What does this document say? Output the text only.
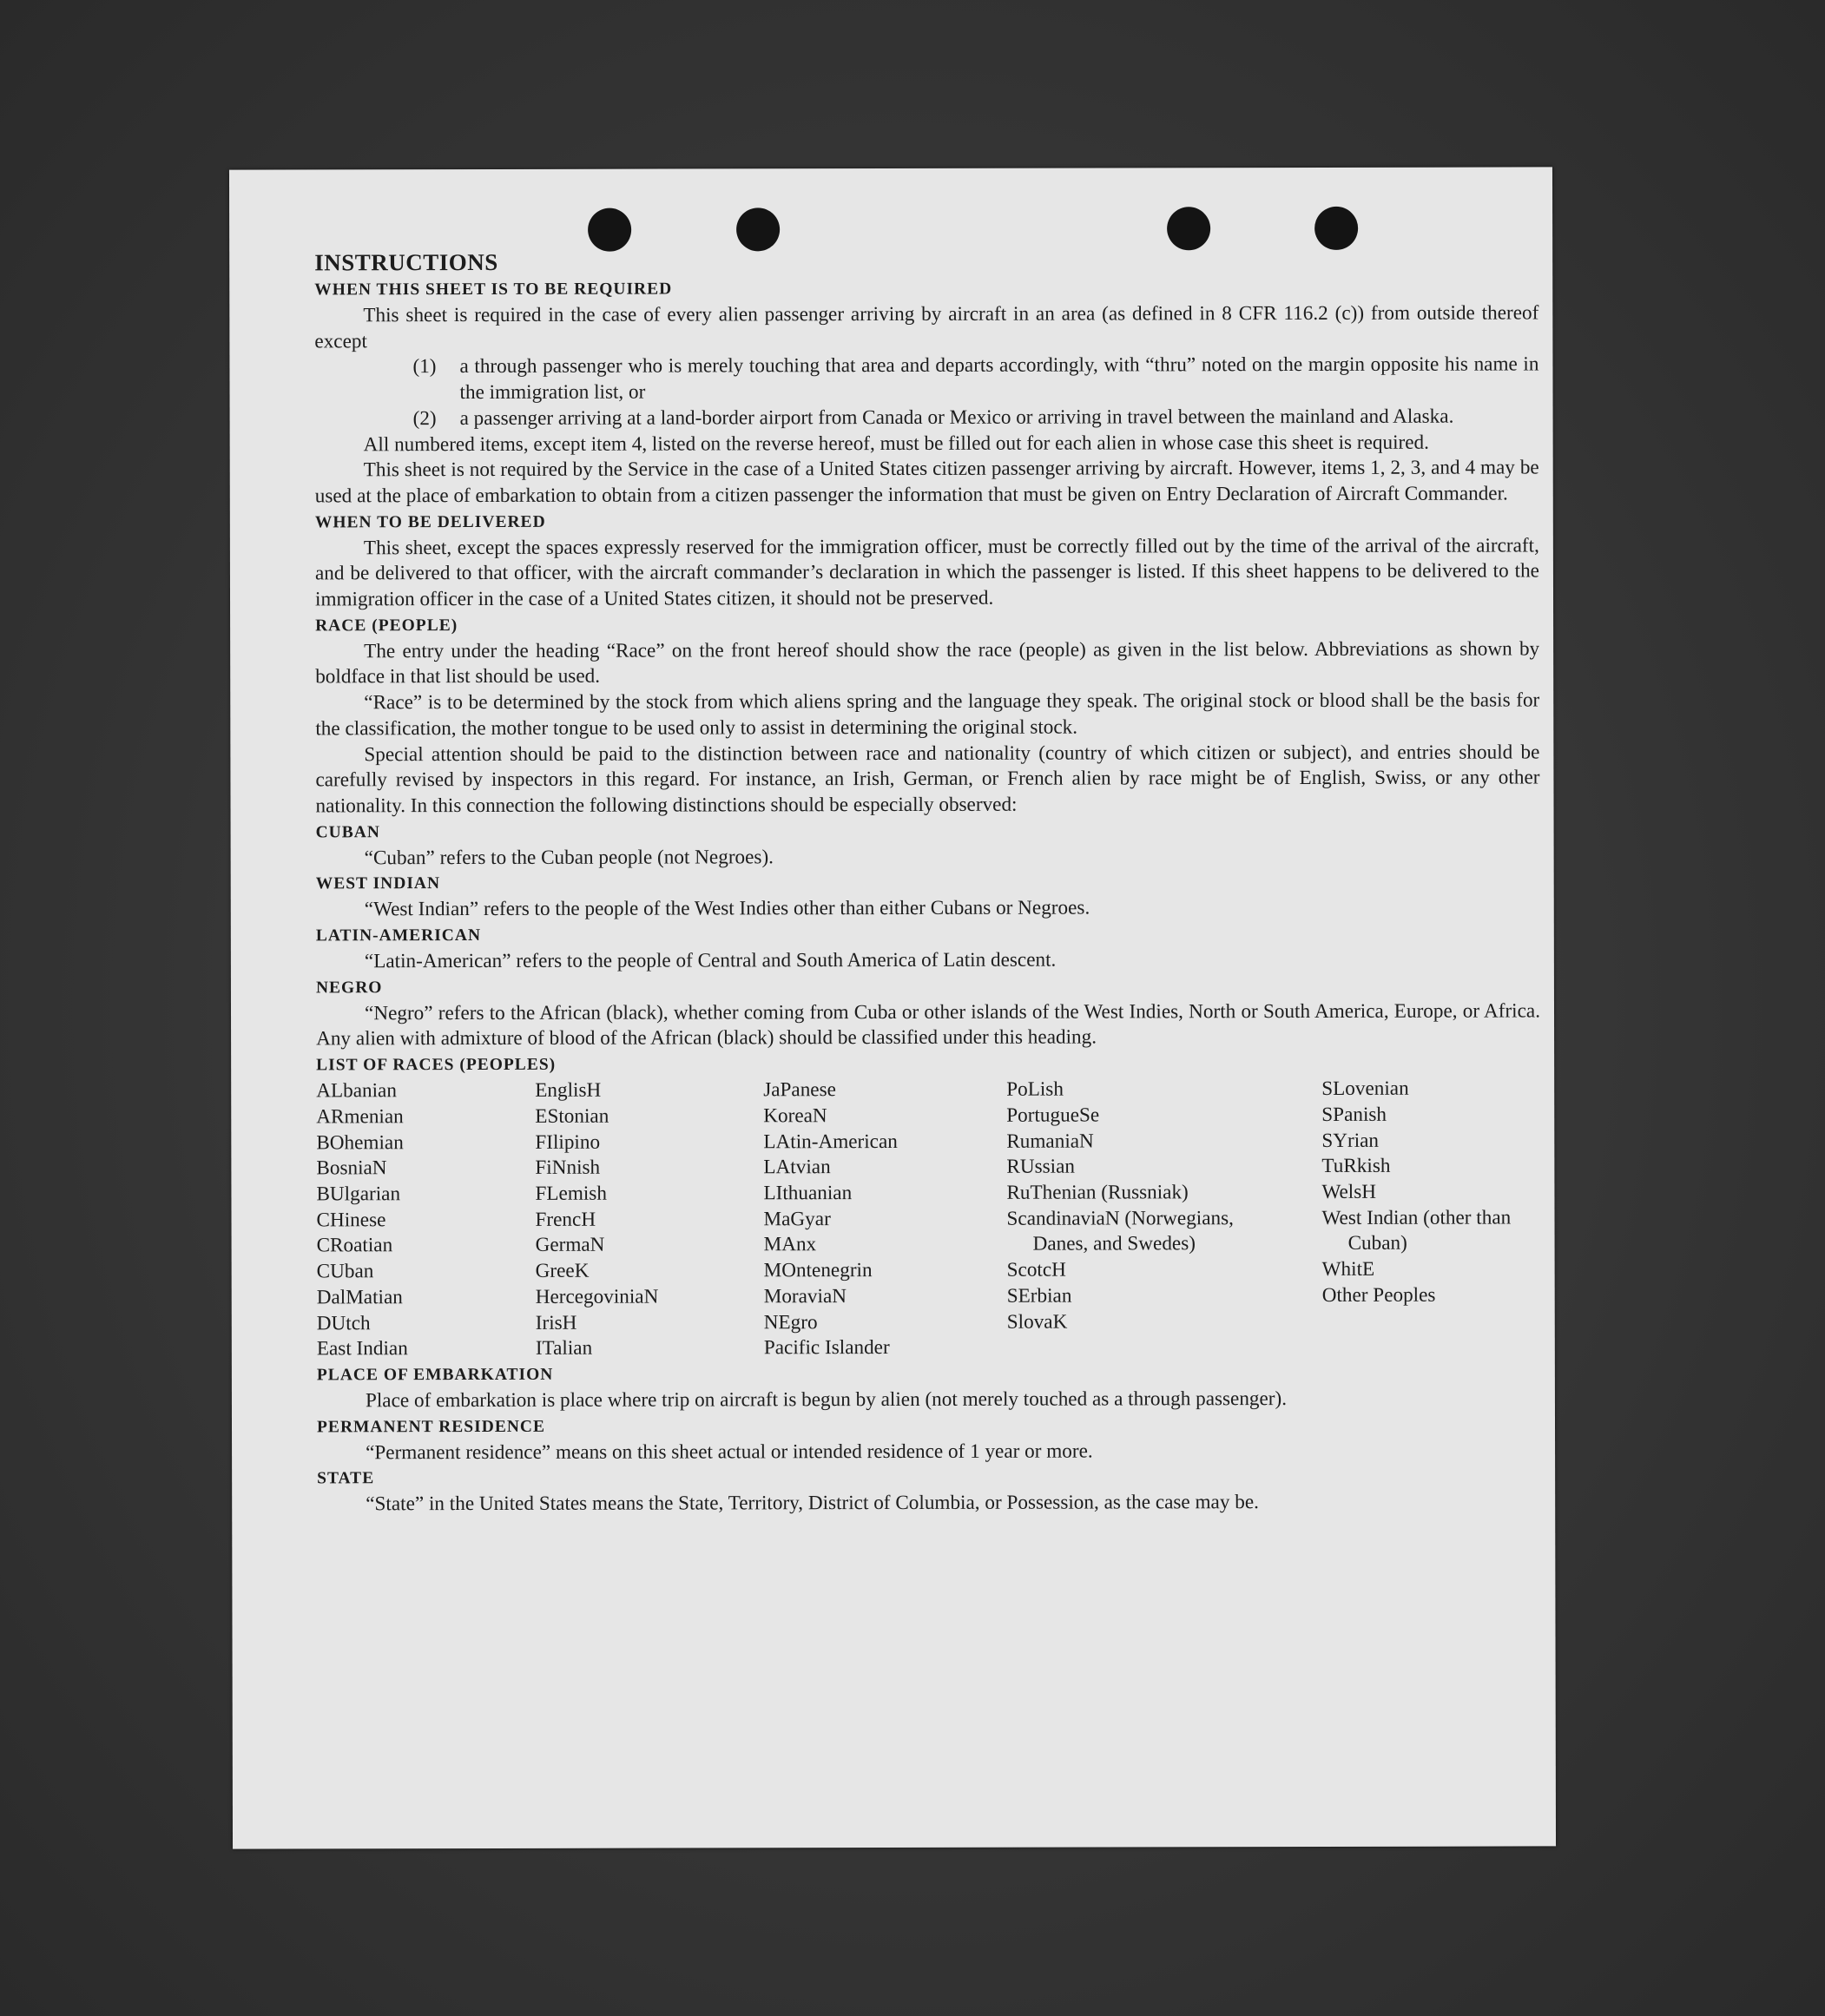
INSTRUCTIONS

WHEN THIS SHEET IS TO BE REQUIRED

This sheet is required in the case of every alien passenger arriving by aircraft in an area (as defined in 8 CFR 116.2 (c)) from outside thereof except

(1)	a through passenger who is merely touching that area and departs accordingly, with “thru” noted on the margin opposite his name in the immigration list, or
(2)	a passenger arriving at a land-border airport from Canada or Mexico or arriving in travel between the mainland and Alaska.

All numbered items, except item 4, listed on the reverse hereof, must be filled out for each alien in whose case this sheet is required.

This sheet is not required by the Service in the case of a United States citizen passenger arriving by aircraft. However, items 1, 2, 3, and 4 may be used at the place of embarkation to obtain from a citizen passenger the information that must be given on Entry Declaration of Aircraft Commander.

WHEN TO BE DELIVERED

This sheet, except the spaces expressly reserved for the immigration officer, must be correctly filled out by the time of the arrival of the aircraft, and be delivered to that officer, with the aircraft commander’s declaration in which the passenger is listed. If this sheet happens to be delivered to the immigration officer in the case of a United States citizen, it should not be preserved.

RACE (PEOPLE)

The entry under the heading “Race” on the front hereof should show the race (people) as given in the list below. Abbreviations as shown by boldface in that list should be used.

“Race” is to be determined by the stock from which aliens spring and the language they speak. The original stock or blood shall be the basis for the classification, the mother tongue to be used only to assist in determining the original stock.

Special attention should be paid to the distinction between race and nationality (country of which citizen or subject), and entries should be carefully revised by inspectors in this regard. For instance, an Irish, German, or French alien by race might be of English, Swiss, or any other nationality. In this connection the following distinctions should be especially observed:

CUBAN

“Cuban” refers to the Cuban people (not Negroes).

WEST INDIAN

“West Indian” refers to the people of the West Indies other than either Cubans or Negroes.

LATIN-AMERICAN

“Latin-American” refers to the people of Central and South America of Latin descent.

NEGRO

“Negro” refers to the African (black), whether coming from Cuba or other islands of the West Indies, North or South America, Europe, or Africa. Any alien with admixture of blood of the African (black) should be classified under this heading.

LIST OF RACES (PEOPLES)

ALbanian
ARmenian
BOhemian
BosniaN
BUlgarian
CHinese
CRoatian
CUban
DalMatian
DUtch
East Indian
EnglisH
EStonian
FIlipino
FiNnish
FLemish
FrencH
GermaN
GreeK
HercegoviniaN
IrisH
ITalian
JaPanese
KoreaN
LAtin-American
LAtvian
LIthuanian
MaGyar
MAnx
MOntenegrin
MoraviaN
NEgro
Pacific Islander
PoLish
PortugueSe
RumaniaN
RUssian
RuThenian (Russniak)
ScandinaviaN (Norwegians, Danes, and Swedes)
ScotcH
SErbian
SlovaK
SLovenian
SPanish
SYrian
TuRkish
WelsH
West Indian (other than Cuban)
WhitE
Other Peoples

PLACE OF EMBARKATION

Place of embarkation is place where trip on aircraft is begun by alien (not merely touched as a through passenger).

PERMANENT RESIDENCE

“Permanent residence” means on this sheet actual or intended residence of 1 year or more.

STATE

“State” in the United States means the State, Territory, District of Columbia, or Possession, as the case may be.
